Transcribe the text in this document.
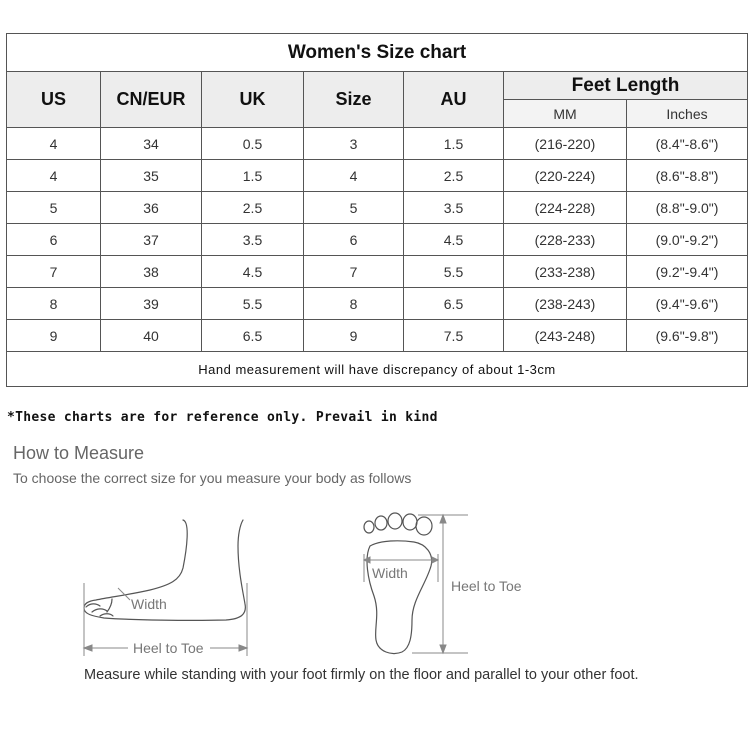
Women's Size chart						
US	CN/EUR	UK	Size	AU	Feet Length	
					MM	Inches
4	34	0.5	3	1.5	(216-220)	(8.4"-8.6")
4	35	1.5	4	2.5	(220-224)	(8.6"-8.8")
5	36	2.5	5	3.5	(224-228)	(8.8"-9.0")
6	37	3.5	6	4.5	(228-233)	(9.0"-9.2")
7	38	4.5	7	5.5	(233-238)	(9.2"-9.4")
8	39	5.5	8	6.5	(238-243)	(9.4"-9.6")
9	40	6.5	9	7.5	(243-248)	(9.6"-9.8")
Hand measurement will have discrepancy of about 1-3cm						
*These charts are for reference only. Prevail in kind
How to Measure
To choose the correct size for you measure your body as follows
Width
Heel to Toe
Width
Heel to Toe
Measure while standing with your foot firmly on the floor and parallel to your other foot.
